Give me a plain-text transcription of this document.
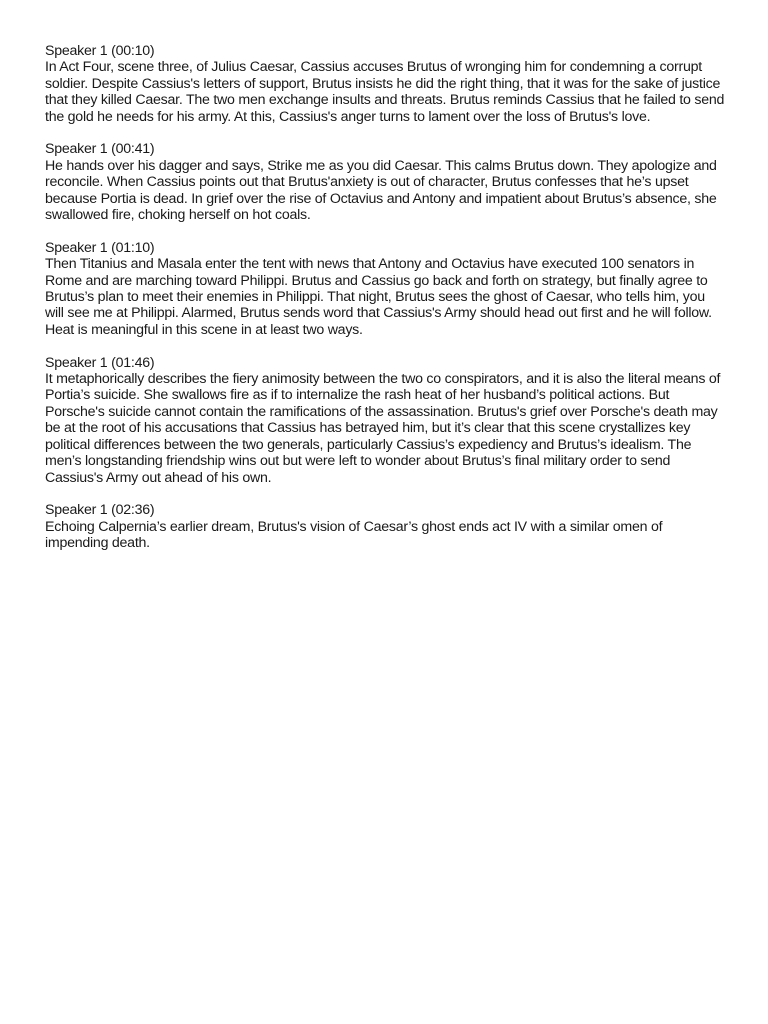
Speaker 1 (00:10)
In Act Four, scene three, of Julius Caesar, Cassius accuses Brutus of wronging him for condemning a corrupt soldier. Despite Cassius's letters of support, Brutus insists he did the right thing, that it was for the sake of justice that they killed Caesar. The two men exchange insults and threats. Brutus reminds Cassius that he failed to send the gold he needs for his army. At this, Cassius's anger turns to lament over the loss of Brutus's love.
Speaker 1 (00:41)
He hands over his dagger and says, Strike me as you did Caesar. This calms Brutus down. They apologize and reconcile. When Cassius points out that Brutus'anxiety is out of character, Brutus confesses that he’s upset because Portia is dead. In grief over the rise of Octavius and Antony and impatient about Brutus’s absence, she swallowed fire, choking herself on hot coals.
Speaker 1 (01:10)
Then Titanius and Masala enter the tent with news that Antony and Octavius have executed 100 senators in Rome and are marching toward Philippi. Brutus and Cassius go back and forth on strategy, but finally agree to Brutus’s plan to meet their enemies in Philippi. That night, Brutus sees the ghost of Caesar, who tells him, you will see me at Philippi. Alarmed, Brutus sends word that Cassius's Army should head out first and he will follow. Heat is meaningful in this scene in at least two ways.
Speaker 1 (01:46)
It metaphorically describes the fiery animosity between the two co conspirators, and it is also the literal means of Portia’s suicide. She swallows fire as if to internalize the rash heat of her husband’s political actions. But Porsche's suicide cannot contain the ramifications of the assassination. Brutus's grief over Porsche's death may be at the root of his accusations that Cassius has betrayed him, but it’s clear that this scene crystallizes key political differences between the two generals, particularly Cassius’s expediency and Brutus’s idealism. The men’s longstanding friendship wins out but were left to wonder about Brutus’s final military order to send Cassius's Army out ahead of his own.
Speaker 1 (02:36)
Echoing Calpernia’s earlier dream, Brutus's vision of Caesar’s ghost ends act IV with a similar omen of impending death.
